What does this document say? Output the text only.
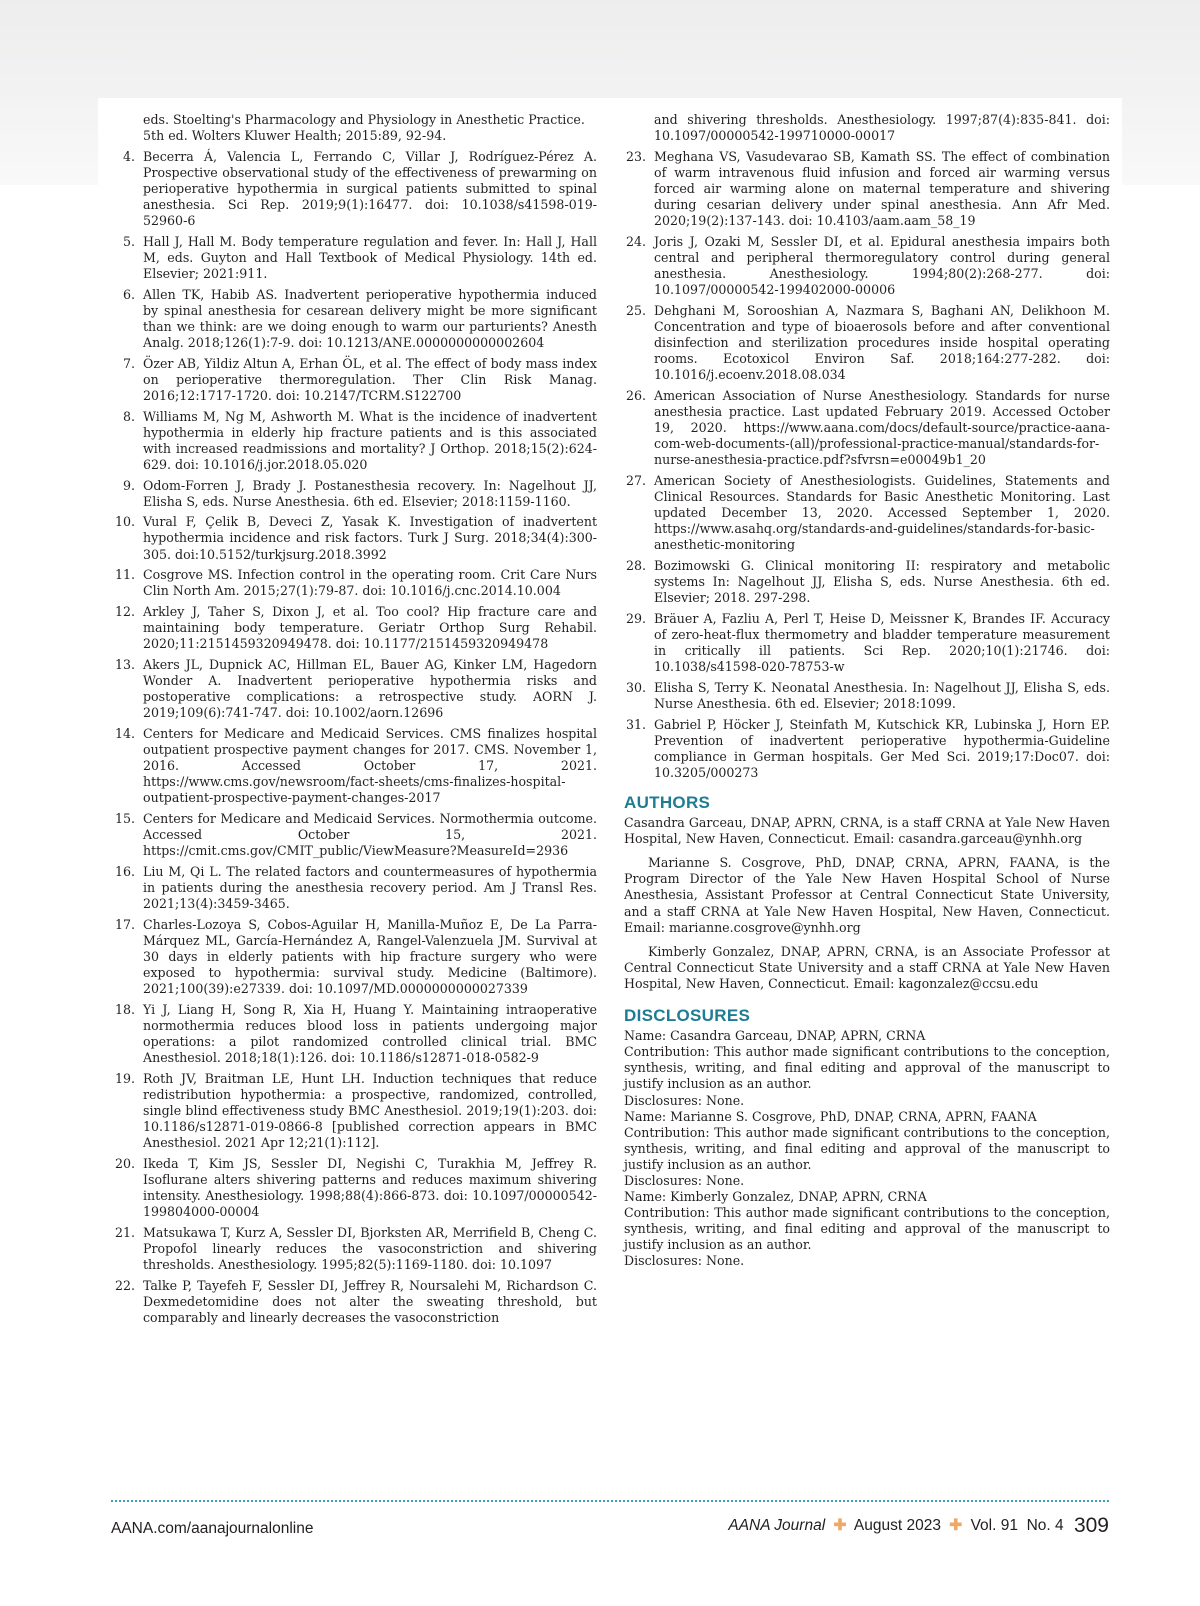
eds. Stoelting's Pharmacology and Physiology in Anesthetic Practice.
5th ed. Wolters Kluwer Health; 2015:89, 92-94.
4. Becerra Á, Valencia L, Ferrando C, Villar J, Rodríguez-Pérez A. Prospective observational study of the effectiveness of prewarming on perioperative hypothermia in surgical patients submitted to spinal anesthesia. Sci Rep. 2019;9(1):16477. doi: 10.1038/s41598-019-52960-6
5. Hall J, Hall M. Body temperature regulation and fever. In: Hall J, Hall M, eds. Guyton and Hall Textbook of Medical Physiology. 14th ed. Elsevier; 2021:911.
6. Allen TK, Habib AS. Inadvertent perioperative hypothermia induced by spinal anesthesia for cesarean delivery might be more significant than we think: are we doing enough to warm our parturients? Anesth Analg. 2018;126(1):7-9. doi: 10.1213/ANE.0000000000002604
7. Özer AB, Yildiz Altun A, Erhan ÖL, et al. The effect of body mass index on perioperative thermoregulation. Ther Clin Risk Manag. 2016;12:1717-1720. doi: 10.2147/TCRM.S122700
8. Williams M, Ng M, Ashworth M. What is the incidence of inadvertent hypothermia in elderly hip fracture patients and is this associated with increased readmissions and mortality? J Orthop. 2018;15(2):624-629. doi: 10.1016/j.jor.2018.05.020
9. Odom-Forren J, Brady J. Postanesthesia recovery. In: Nagelhout JJ, Elisha S, eds. Nurse Anesthesia. 6th ed. Elsevier; 2018:1159-1160.
10. Vural F, Çelik B, Deveci Z, Yasak K. Investigation of inadvertent hypothermia incidence and risk factors. Turk J Surg. 2018;34(4):300-305. doi:10.5152/turkjsurg.2018.3992
11. Cosgrove MS. Infection control in the operating room. Crit Care Nurs Clin North Am. 2015;27(1):79-87. doi: 10.1016/j.cnc.2014.10.004
12. Arkley J, Taher S, Dixon J, et al. Too cool? Hip fracture care and maintaining body temperature. Geriatr Orthop Surg Rehabil. 2020;11:2151459320949478. doi: 10.1177/2151459320949478
13. Akers JL, Dupnick AC, Hillman EL, Bauer AG, Kinker LM, Hagedorn Wonder A. Inadvertent perioperative hypothermia risks and postoperative complications: a retrospective study. AORN J. 2019;109(6):741-747. doi: 10.1002/aorn.12696
14. Centers for Medicare and Medicaid Services. CMS finalizes hospital outpatient prospective payment changes for 2017. CMS. November 1, 2016. Accessed October 17, 2021. https://www.cms.gov/newsroom/fact-sheets/cms-finalizes-hospital-outpatient-prospective-payment-changes-2017
15. Centers for Medicare and Medicaid Services. Normothermia outcome. Accessed October 15, 2021. https://cmit.cms.gov/CMIT_public/ViewMeasure?MeasureId=2936
16. Liu M, Qi L. The related factors and countermeasures of hypothermia in patients during the anesthesia recovery period. Am J Transl Res. 2021;13(4):3459-3465.
17. Charles-Lozoya S, Cobos-Aguilar H, Manilla-Muñoz E, De La Parra-Márquez ML, García-Hernández A, Rangel-Valenzuela JM. Survival at 30 days in elderly patients with hip fracture surgery who were exposed to hypothermia: survival study. Medicine (Baltimore). 2021;100(39):e27339. doi: 10.1097/MD.0000000000027339
18. Yi J, Liang H, Song R, Xia H, Huang Y. Maintaining intraoperative normothermia reduces blood loss in patients undergoing major operations: a pilot randomized controlled clinical trial. BMC Anesthesiol. 2018;18(1):126. doi: 10.1186/s12871-018-0582-9
19. Roth JV, Braitman LE, Hunt LH. Induction techniques that reduce redistribution hypothermia: a prospective, randomized, controlled, single blind effectiveness study BMC Anesthesiol. 2019;19(1):203. doi: 10.1186/s12871-019-0866-8 [published correction appears in BMC Anesthesiol. 2021 Apr 12;21(1):112].
20. Ikeda T, Kim JS, Sessler DI, Negishi C, Turakhia M, Jeffrey R. Isoflurane alters shivering patterns and reduces maximum shivering intensity. Anesthesiology. 1998;88(4):866-873. doi: 10.1097/00000542-199804000-00004
21. Matsukawa T, Kurz A, Sessler DI, Bjorksten AR, Merrifield B, Cheng C. Propofol linearly reduces the vasoconstriction and shivering thresholds. Anesthesiology. 1995;82(5):1169-1180. doi: 10.1097
22. Talke P, Tayefeh F, Sessler DI, Jeffrey R, Noursalehi M, Richardson C. Dexmedetomidine does not alter the sweating threshold, but comparably and linearly decreases the vasoconstriction
and shivering thresholds. Anesthesiology. 1997;87(4):835-841. doi: 10.1097/00000542-199710000-00017
23. Meghana VS, Vasudevarao SB, Kamath SS. The effect of combination of warm intravenous fluid infusion and forced air warming versus forced air warming alone on maternal temperature and shivering during cesarian delivery under spinal anesthesia. Ann Afr Med. 2020;19(2):137-143. doi: 10.4103/aam.aam_58_19
24. Joris J, Ozaki M, Sessler DI, et al. Epidural anesthesia impairs both central and peripheral thermoregulatory control during general anesthesia. Anesthesiology. 1994;80(2):268-277. doi: 10.1097/00000542-199402000-00006
25. Dehghani M, Sorooshian A, Nazmara S, Baghani AN, Delikhoon M. Concentration and type of bioaerosols before and after conventional disinfection and sterilization procedures inside hospital operating rooms. Ecotoxicol Environ Saf. 2018;164:277-282. doi: 10.1016/j.ecoenv.2018.08.034
26. American Association of Nurse Anesthesiology. Standards for nurse anesthesia practice. Last updated February 2019. Accessed October 19, 2020. https://www.aana.com/docs/default-source/practice-aana-com-web-documents-(all)/professional-practice-manual/standards-for-nurse-anesthesia-practice.pdf?sfvrsn=e00049b1_20
27. American Society of Anesthesiologists. Guidelines, Statements and Clinical Resources. Standards for Basic Anesthetic Monitoring. Last updated December 13, 2020. Accessed September 1, 2020. https://www.asahq.org/standards-and-guidelines/standards-for-basic-anesthetic-monitoring
28. Bozimowski G. Clinical monitoring II: respiratory and metabolic systems In: Nagelhout JJ, Elisha S, eds. Nurse Anesthesia. 6th ed. Elsevier; 2018. 297-298.
29. Bräuer A, Fazliu A, Perl T, Heise D, Meissner K, Brandes IF. Accuracy of zero-heat-flux thermometry and bladder temperature measurement in critically ill patients. Sci Rep. 2020;10(1):21746. doi: 10.1038/s41598-020-78753-w
30. Elisha S, Terry K. Neonatal Anesthesia. In: Nagelhout JJ, Elisha S, eds. Nurse Anesthesia. 6th ed. Elsevier; 2018:1099.
31. Gabriel P, Höcker J, Steinfath M, Kutschick KR, Lubinska J, Horn EP. Prevention of inadvertent perioperative hypothermia-Guideline compliance in German hospitals. Ger Med Sci. 2019;17:Doc07. doi: 10.3205/000273
AUTHORS
Casandra Garceau, DNAP, APRN, CRNA, is a staff CRNA at Yale New Haven Hospital, New Haven, Connecticut. Email: casandra.garceau@ynhh.org
Marianne S. Cosgrove, PhD, DNAP, CRNA, APRN, FAANA, is the Program Director of the Yale New Haven Hospital School of Nurse Anesthesia, Assistant Professor at Central Connecticut State University, and a staff CRNA at Yale New Haven Hospital, New Haven, Connecticut. Email: marianne.cosgrove@ynhh.org
Kimberly Gonzalez, DNAP, APRN, CRNA, is an Associate Professor at Central Connecticut State University and a staff CRNA at Yale New Haven Hospital, New Haven, Connecticut. Email: kagonzalez@ccsu.edu
DISCLOSURES

Name: Casandra Garceau, DNAP, APRN, CRNA

Contribution: This author made significant contributions to the conception, synthesis, writing, and final editing and approval of the manuscript to justify inclusion as an author.

Disclosures: None.

Name: Marianne S. Cosgrove, PhD, DNAP, CRNA, APRN, FAANA

Contribution: This author made significant contributions to the conception, synthesis, writing, and final editing and approval of the manuscript to justify inclusion as an author.

Disclosures: None.

Name: Kimberly Gonzalez, DNAP, APRN, CRNA

Contribution: This author made significant contributions to the conception, synthesis, writing, and final editing and approval of the manuscript to justify inclusion as an author.

Disclosures: None.

AANA.com/aanajournalonline	AANA Journal ✚ August 2023 ✚ Vol. 91  No. 4 309
